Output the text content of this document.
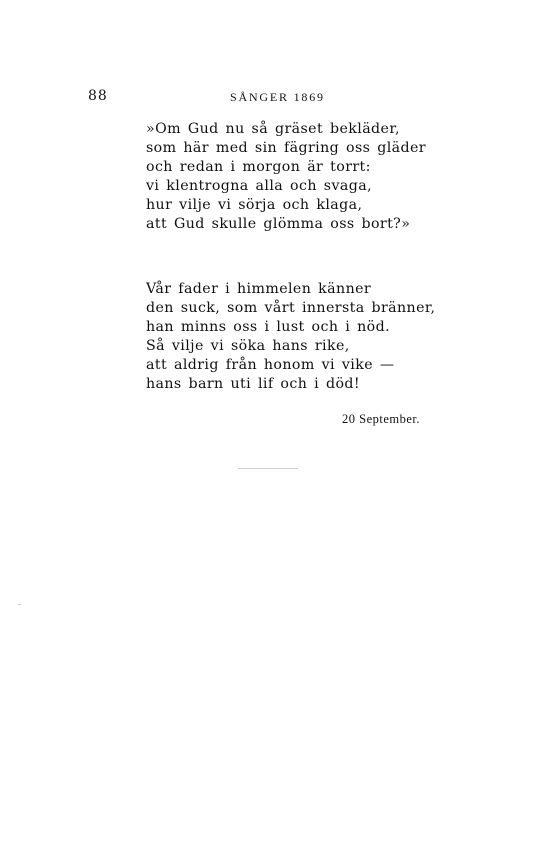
88	SÅNGER 1869
»Om Gud nu så gräset bekläder,
som här med sin fägring oss gläder
och redan i morgon är torrt:
vi klentrogna alla och svaga,
hur vilje vi sörja och klaga,
att Gud skulle glömma oss bort?»
Vår fader i himmelen känner
den suck, som vårt innersta bränner,
han minns oss i lust och i nöd.
Så vilje vi söka hans rike,
att aldrig från honom vi vike —
hans barn uti lif och i död!
20 September.
